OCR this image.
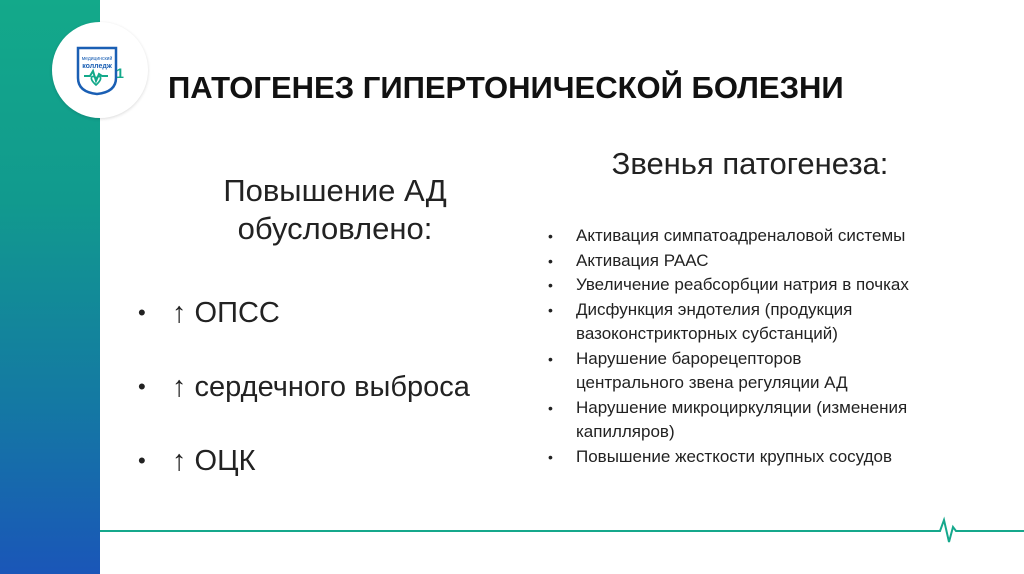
медицинский
колледж 1 ПАТОГЕНЕЗ ГИПЕРТОНИЧЕСКОЙ БОЛЕЗНИ
Повышение АД обусловлено:
• ↑ ОПСС
• ↑ сердечного выброса
• ↑ ОЦК
Звенья патогенеза:
•	Активация симпатоадреналовой системы
•	Активация РААС
•	Увеличение реабсорбции натрия в почках
•	Дисфункция эндотелия (продукция
вазоконстрикторных субстанций)
•	Нарушение барорецепторов
центрального звена регуляции АД
•	Нарушение микроциркуляции (изменения
капилляров)
•	Повышение жесткости крупных сосудов
